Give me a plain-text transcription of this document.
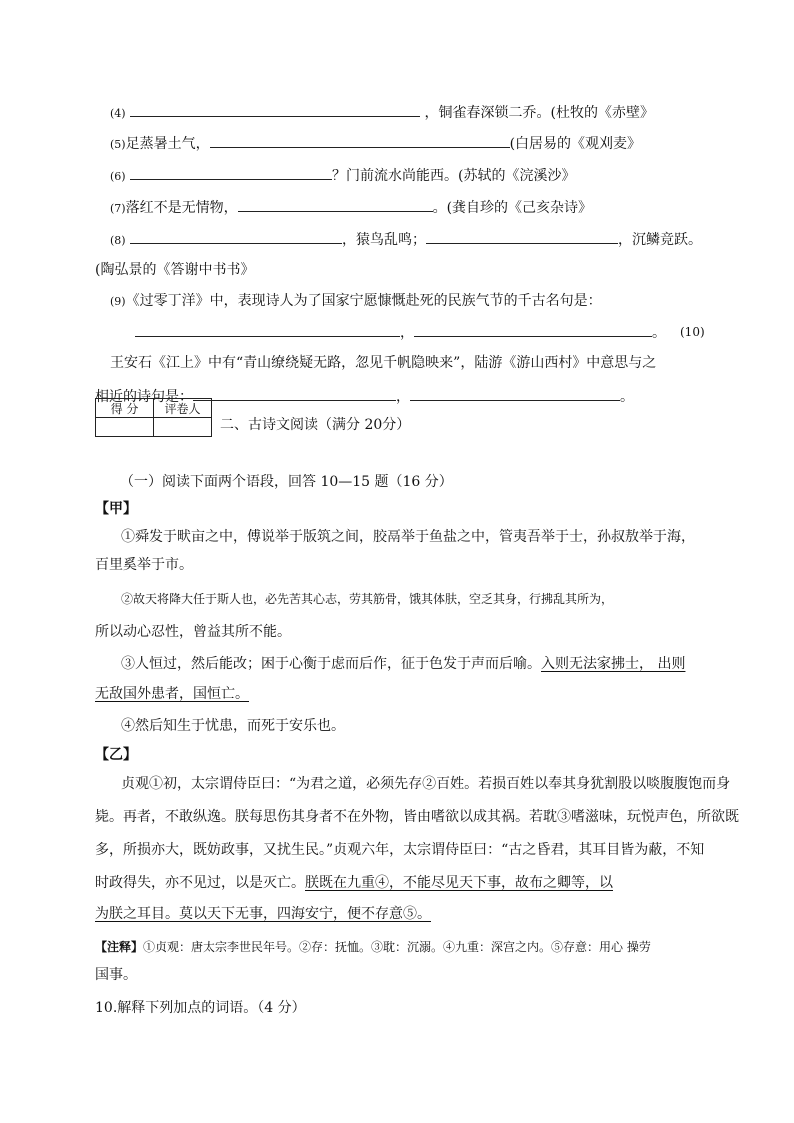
(4)	，铜雀春深锁二乔。(杜牧的《赤壁》
(5)足蒸暑土气，	(白居易的《观刈麦》
(6)	？门前流水尚能西。(苏轼的《浣溪沙》
(7)落红不是无情物，	。(龚自珍的《己亥杂诗》
(8)	，猿鸟乱鸣；	，沉鳞竞跃。
(陶弘景的《答谢中书书》
(9)《过零丁洋》中，表现诗人为了国家宁愿慷慨赴死的民族气节的千古名句是：
，	。 (10)
王安石《江上》中有“青山缭绕疑无路，忽见千帆隐映来”，陆游《游山西村》中意思与之
相近的诗句是：	，	。
得 分	评卷人

二、古诗文阅读（满分 20分）
（一）阅读下面两个语段，回答 10—15 题（16 分）
【甲】
①舜发于畎亩之中，傅说举于版筑之间，胶鬲举于鱼盐之中，管夷吾举于士，孙叔敖举于海，
百里奚举于市。
②故天将降大任于斯人也，必先苦其心志，劳其筋骨，饿其体肤，空乏其身，行拂乱其所为，
所以动心忍性，曾益其所不能。
③人恒过，然后能改；困于心衡于虑而后作，征于色发于声而后喻。入则无法家拂士， 出则
无敌国外患者，国恒亡。
④然后知生于忧患，而死于安乐也。
【乙】
贞观①初，太宗谓侍臣曰：“为君之道，必须先存②百姓。若损百姓以奉其身犹割股以啖腹腹饱而身
毙。再者，不敢纵逸。朕每思伤其身者不在外物，皆由嗜欲以成其祸。若耽③嗜滋味，玩悦声色，所欲既
多，所损亦大，既妨政事，又扰生民。”贞观六年，太宗谓侍臣曰：“古之昏君，其耳目皆为蔽，不知
时政得失，亦不见过，以是灭亡。朕既在九重④，不能尽见天下事，故布之卿等，以
为朕之耳目。莫以天下无事，四海安宁，便不存意⑤。
【注释】①贞观：唐太宗李世民年号。②存：抚恤。③耽：沉溺。④九重：深宫之内。⑤存意：用心 操劳
国事。
10.解释下列加点的词语。（4 分）
